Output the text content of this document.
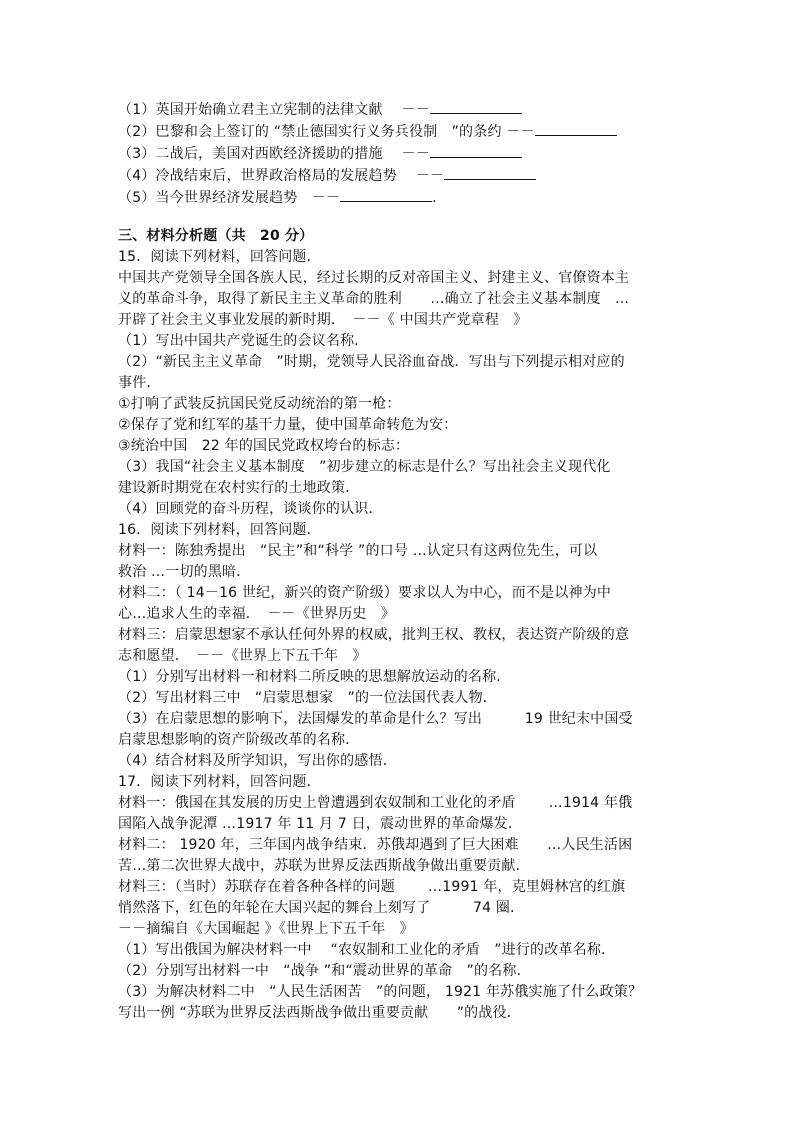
（1）英国开始确立君主立宪制的法律文献　 －－
（2）巴黎和会上签订的 “禁止德国实行义务兵役制　”的条约 －－
（3）二战后，美国对西欧经济援助的措施　 －－
（4）冷战结束后，世界政治格局的发展趋势　 －－
（5）当今世界经济发展趋势　－－	.
三、材料分析题（共　20 分）
15．阅读下列材料，回答问题．
中国共产党领导全国各族人民，经过长期的反对帝国主义、封建主义、官僚资本主
义的革命斗争，取得了新民主主义革命的胜利　　…确立了社会主义基本制度　…
开辟了社会主义事业发展的新时期．　－－《 中国共产党章程　》
（1）写出中国共产党诞生的会议名称．
（2）“新民主主义革命　”时期，党领导人民浴血奋战．写出与下列提示相对应的
事件．
①打响了武装反抗国民党反动统治的第一枪：
②保存了党和红军的基干力量，使中国革命转危为安：
③统治中国　22 年的国民党政权垮台的标志：
（3）我国“社会主义基本制度　”初步建立的标志是什么？写出社会主义现代化
建设新时期党在农村实行的土地政策．
（4）回顾党的奋斗历程，谈谈你的认识．
16．阅读下列材料，回答问题．
材料一：陈独秀提出　“民主”和“科学 ”的口号 …认定只有这两位先生，可以
救治 …一切的黑暗．
材料二：（ 14－16 世纪，新兴的资产阶级）要求以人为中心，而不是以神为中
心…追求人生的幸福．　－－《世界历史　》
材料三：启蒙思想家不承认任何外界的权威，批判王权、教权，表达资产阶级的意
志和愿望．　－－《世界上下五千年　》
（1）分别写出材料一和材料二所反映的思想解放运动的名称．
（2）写出材料三中　“启蒙思想家　”的一位法国代表人物．
（3）在启蒙思想的影响下，法国爆发的革命是什么？写出　　　19 世纪末中国受
启蒙思想影响的资产阶级改革的名称．
（4）结合材料及所学知识，写出你的感悟．
17．阅读下列材料，回答问题．
材料一：俄国在其发展的历史上曾遭遇到农奴制和工业化的矛盾　　 …1914 年俄
国陷入战争泥潭 …1917 年 11 月 7 日，震动世界的革命爆发．
材料二： 1920 年，三年国内战争结束．苏俄却遇到了巨大困难　　…人民生活困
苦…第二次世界大战中，苏联为世界反法西斯战争做出重要贡献．
材料三：（当时）苏联存在着各种各样的问题　　 …1991 年，克里姆林宫的红旗
悄然落下，红色的年轮在大国兴起的舞台上刻写了　　　74 圈．
－－摘编自《大国崛起 》《世界上下五千年　》
（1）写出俄国为解决材料一中　 “农奴制和工业化的矛盾　”进行的改革名称．
（2）分别写出材料一中　“战争 ”和“震动世界的革命　”的名称．
（3）为解决材料二中　“人民生活困苦　”的问题， 1921 年苏俄实施了什么政策？
写出一例 “苏联为世界反法西斯战争做出重要贡献　　”的战役．
